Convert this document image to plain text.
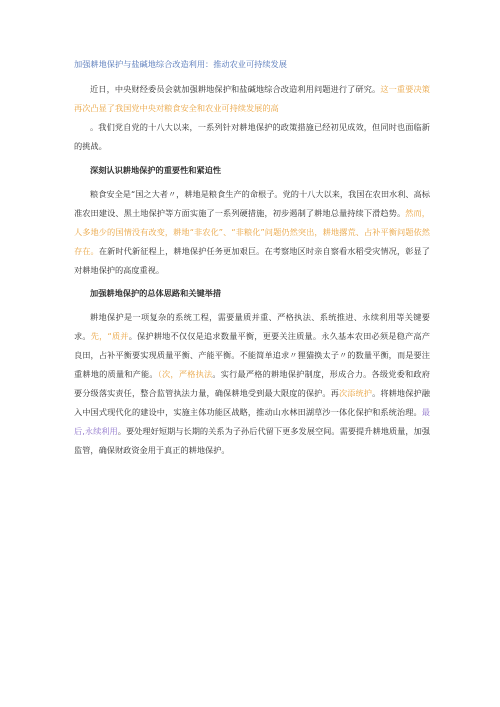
加强耕地保护与盐碱地综合改造利用：推动农业可持续发展

近日，中央财经委员会就加强耕地保护和盐碱地综合改造利用问题进行了研究。这一重要决策再次凸显了我国党中央对粮食安全和农业可持续发展的高
。我们党自党的十八大以来，一系列针对耕地保护的政策措施已经初见成效，但同时也面临新的挑战。

深刻认识耕地保护的重要性和紧迫性

粮食安全是“国之大者〃，耕地是粮食生产的命根子。党的十八大以来，我国在农田水利、高标准农田建设、黑土地保护等方面实施了一系列硬措施，初步遏制了耕地总量持续下滑趋势。然而，人多地少的国情没有改变，耕地“非农化”、“非粮化”问题仍然突出，耕地撂荒、占补平衡问题依然存在。在新时代新征程上，耕地保护任务更加艰巨。在考察地区时亲自察看水稻受灾情况，彰显了对耕地保护的高度重视。

加强耕地保护的总体思路和关键举措

耕地保护是一项复杂的系统工程，需要量质并重、严格执法、系统推进、永续利用等关键要求。先，“质并。保护耕地不仅仅是追求数量平衡，更要关注质量。永久基本农田必须是稳产高产良田，占补平衡要实现质量平衡、产能平衡。不能简单追求〃狸猫换太子〃的数量平衡，而是要注重耕地的质量和产能。（次，严格执法。实行最严格的耕地保护制度，形成合力。各级党委和政府要分级落实责任，整合监管执法力量，确保耕地受到最大限度的保护。再次添统护。将耕地保护融入中国式现代化的建设中，实施主体功能区战略，推动山水林田湖草沙一体化保护和系统治理。最后,永续利用。要处理好短期与长期的关系为子孙后代留下更多发展空间。需要提升耕地质量，加强监管，确保财政资金用于真正的耕地保护。
